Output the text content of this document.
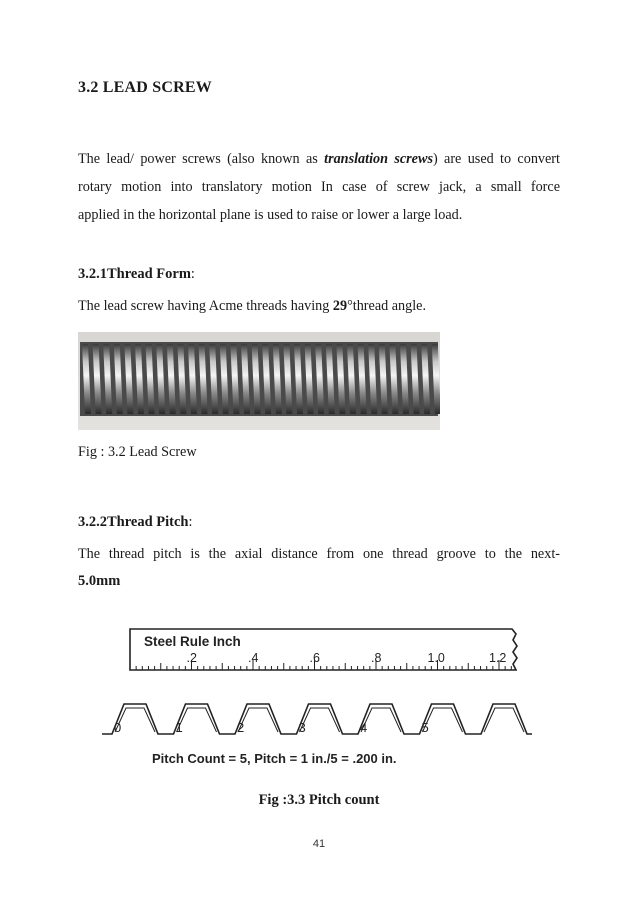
3.2 LEAD SCREW
The lead/ power screws (also known as translation screws) are used to convert
rotary motion into translatory motion In case of screw jack, a small force
applied in the horizontal plane is used to raise or lower a large load.
3.2.1Thread Form:
The lead screw having Acme threads having 29°thread angle.
Fig : 3.2 Lead Screw
3.2.2Thread Pitch:
The thread pitch is the axial distance from one thread groove to the next-
5.0mm
Steel Rule Inch
.2	.4	.6	.8	1.0	1.2
0	1	2	3	4	5
Pitch Count = 5, Pitch = 1 in./5 = .200 in.
Fig :3.3 Pitch count
41
